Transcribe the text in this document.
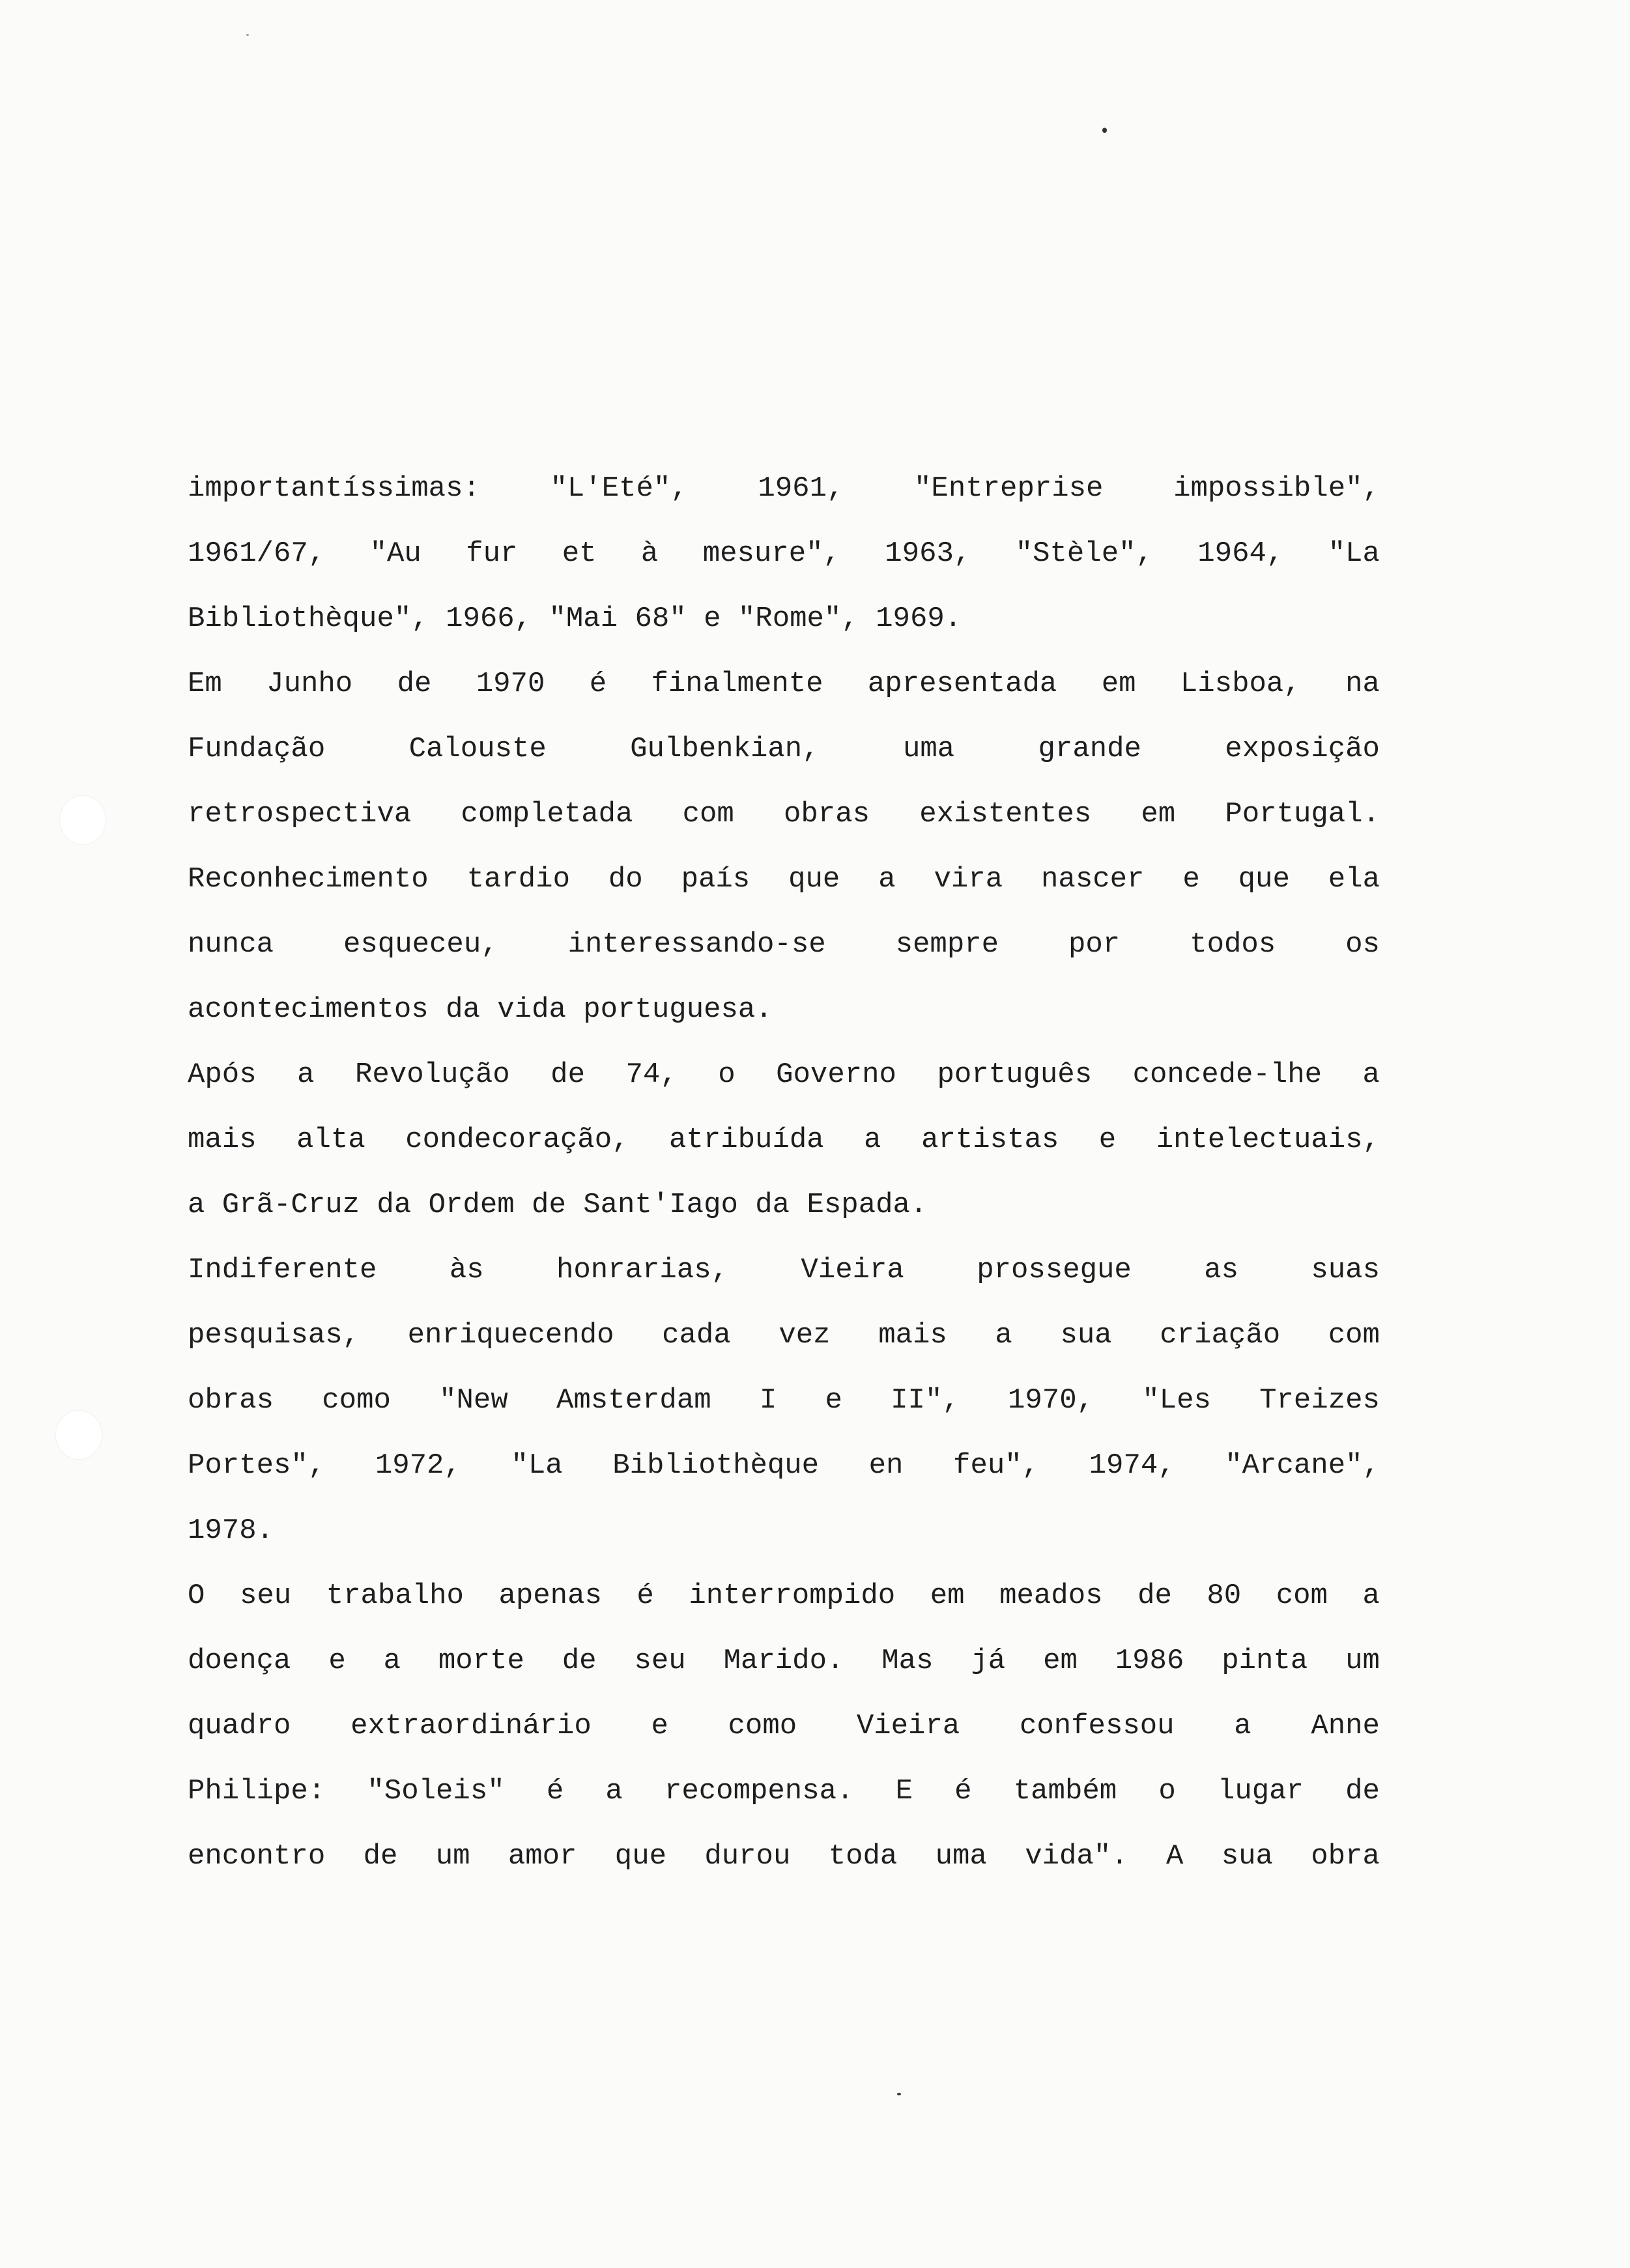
importantíssimas: "L'Eté", 1961, "Entreprise impossible",
1961/67, "Au fur et à mesure", 1963, "Stèle", 1964, "La
Bibliothèque", 1966, "Mai 68" e "Rome", 1969.
Em Junho de 1970 é finalmente apresentada em Lisboa, na
Fundação	Calouste	Gulbenkian,	uma	grande	exposição
retrospectiva completada com obras existentes em Portugal.
Reconhecimento tardio do país que a vira nascer e que ela
nunca esqueceu, interessando-se sempre por todos os
acontecimentos da vida portuguesa.
Após a Revolução de 74, o Governo português concede-lhe a
mais alta condecoração, atribuída a artistas e intelectuais,
a Grã-Cruz da Ordem de Sant'Iago da Espada.
Indiferente	às	honrarias,	Vieira	prossegue	as	suas
pesquisas, enriquecendo cada vez mais a sua criação com
obras como "New Amsterdam I e II", 1970, "Les Treizes
Portes", 1972, "La Bibliothèque en feu", 1974, "Arcane",
1978.
O seu trabalho apenas é interrompido em meados de 80 com a
doença e a morte de seu Marido. Mas já em 1986 pinta um
quadro extraordinário e como Vieira confessou a Anne
Philipe: "Soleis" é a recompensa. E é também o lugar de
encontro de um amor que durou toda uma vida". A sua obra
